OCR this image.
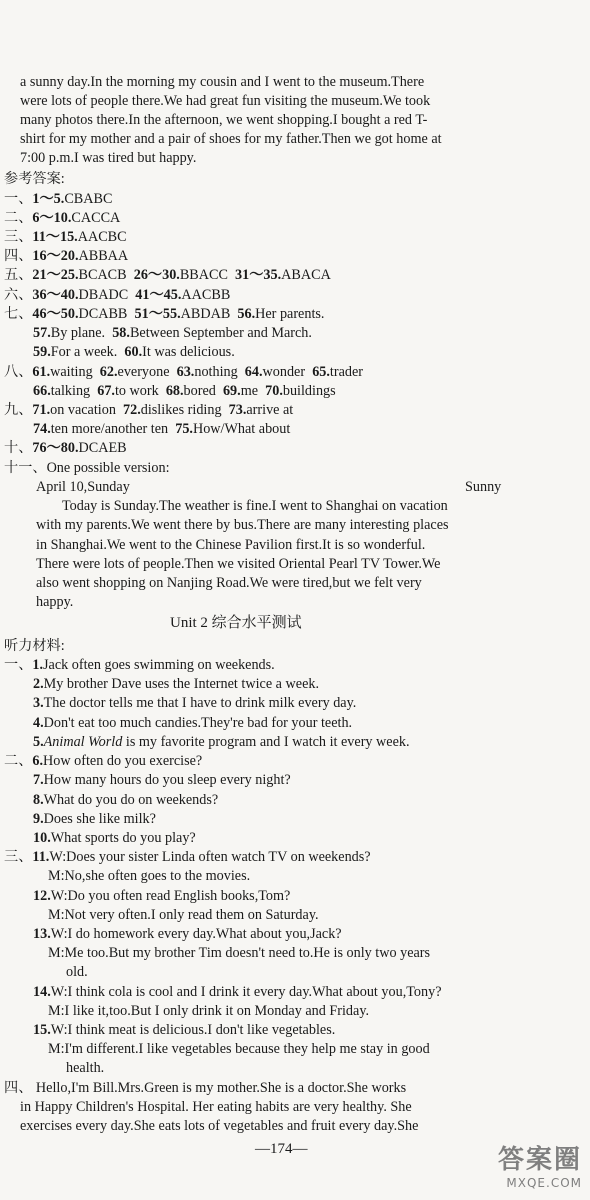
a sunny day.In the morning my cousin and I went to the museum.There
were lots of people there.We had great fun visiting the museum.We took
many photos there.In the afternoon, we went shopping.I bought a red T-
shirt for my mother and a pair of shoes for my father.Then we got home at
7:00 p.m.I was tired but happy.
参考答案:
一、1～5.CBABC
二、6～10.CACCA
三、11～15.AACBC
四、16～20.ABBAA
五、21～25.BCACB  26～30.BBACC  31～35.ABACA
六、36～40.DBADC  41～45.AACBB
七、46～50.DCABB  51～55.ABDAB  56.Her parents.
57.By plane.  58.Between September and March.
59.For a week.  60.It was delicious.
八、61.waiting  62.everyone  63.nothing  64.wonder  65.trader
66.talking  67.to work  68.bored  69.me  70.buildings
九、71.on vacation  72.dislikes riding  73.arrive at
74.ten more/another ten  75.How/What about
十、76～80.DCAEB
十一、One possible version:
April 10,Sunday	Sunny
Today is Sunday.The weather is fine.I went to Shanghai on vacation
with my parents.We went there by bus.There are many interesting places
in Shanghai.We went to the Chinese Pavilion first.It is so wonderful.
There were lots of people.Then we visited Oriental Pearl TV Tower.We
also went shopping on Nanjing Road.We were tired,but we felt very
happy.
Unit 2 综合水平测试
听力材料:
一、1.Jack often goes swimming on weekends.
2.My brother Dave uses the Internet twice a week.
3.The doctor tells me that I have to drink milk every day.
4.Don't eat too much candies.They're bad for your teeth.
5.Animal World is my favorite program and I watch it every week.
二、6.How often do you exercise?
7.How many hours do you sleep every night?
8.What do you do on weekends?
9.Does she like milk?
10.What sports do you play?
三、11.W:Does your sister Linda often watch TV on weekends?
M:No,she often goes to the movies.
12.W:Do you often read English books,Tom?
M:Not very often.I only read them on Saturday.
13.W:I do homework every day.What about you,Jack?
M:Me too.But my brother Tim doesn't need to.He is only two years
old.
14.W:I think cola is cool and I drink it every day.What about you,Tony?
M:I like it,too.But I only drink it on Monday and Friday.
15.W:I think meat is delicious.I don't like vegetables.
M:I'm different.I like vegetables because they help me stay in good
health.
四、 Hello,I'm Bill.Mrs.Green is my mother.She is a doctor.She works
in Happy Children's Hospital. Her eating habits are very healthy. She
exercises every day.She eats lots of vegetables and fruit every day.She
—174—	答案圈
MXQE.COM
